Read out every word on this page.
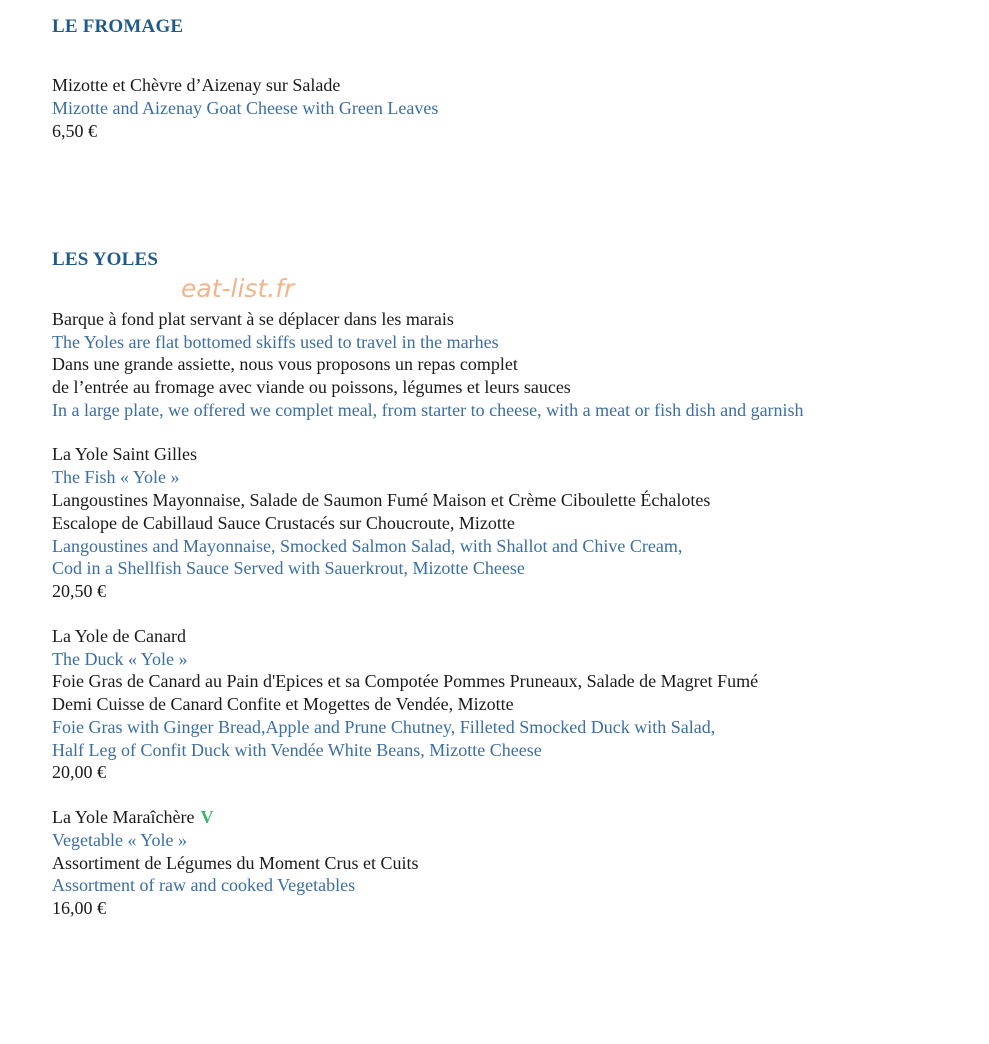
LE FROMAGE
Mizotte et Chèvre d’Aizenay sur Salade
Mizotte and Aizenay Goat Cheese with Green Leaves
6,50 €
LES YOLES
Barque à fond plat servant à se déplacer dans les marais
The Yoles are flat bottomed skiffs used to travel in the marhes
Dans une grande assiette, nous vous proposons un repas complet
de l’entrée au fromage avec viande ou poissons, légumes et leurs sauces
In a large plate, we offered we complet meal, from starter to cheese, with a meat or fish dish and garnish
La Yole Saint Gilles
The Fish « Yole »
Langoustines Mayonnaise, Salade de Saumon Fumé Maison et Crème Ciboulette Échalotes
Escalope de Cabillaud Sauce Crustacés sur Choucroute, Mizotte
Langoustines and Mayonnaise, Smocked Salmon Salad, with Shallot and Chive Cream,
Cod in a Shellfish Sauce Served with Sauerkrout, Mizotte Cheese
20,50 €
La Yole de Canard
The Duck « Yole »
Foie Gras de Canard au Pain d'Epices et sa Compotée Pommes Pruneaux, Salade de Magret Fumé
Demi Cuisse de Canard Confite et Mogettes de Vendée, Mizotte
Foie Gras with Ginger Bread,Apple and Prune Chutney, Filleted Smocked Duck with Salad,
Half Leg of Confit Duck with Vendée White Beans, Mizotte Cheese
20,00 €
La Yole Maraîchère V
Vegetable « Yole »
Assortiment de Légumes du Moment Crus et Cuits
Assortment of raw and cooked Vegetables
16,00 €
eat-list.fr
